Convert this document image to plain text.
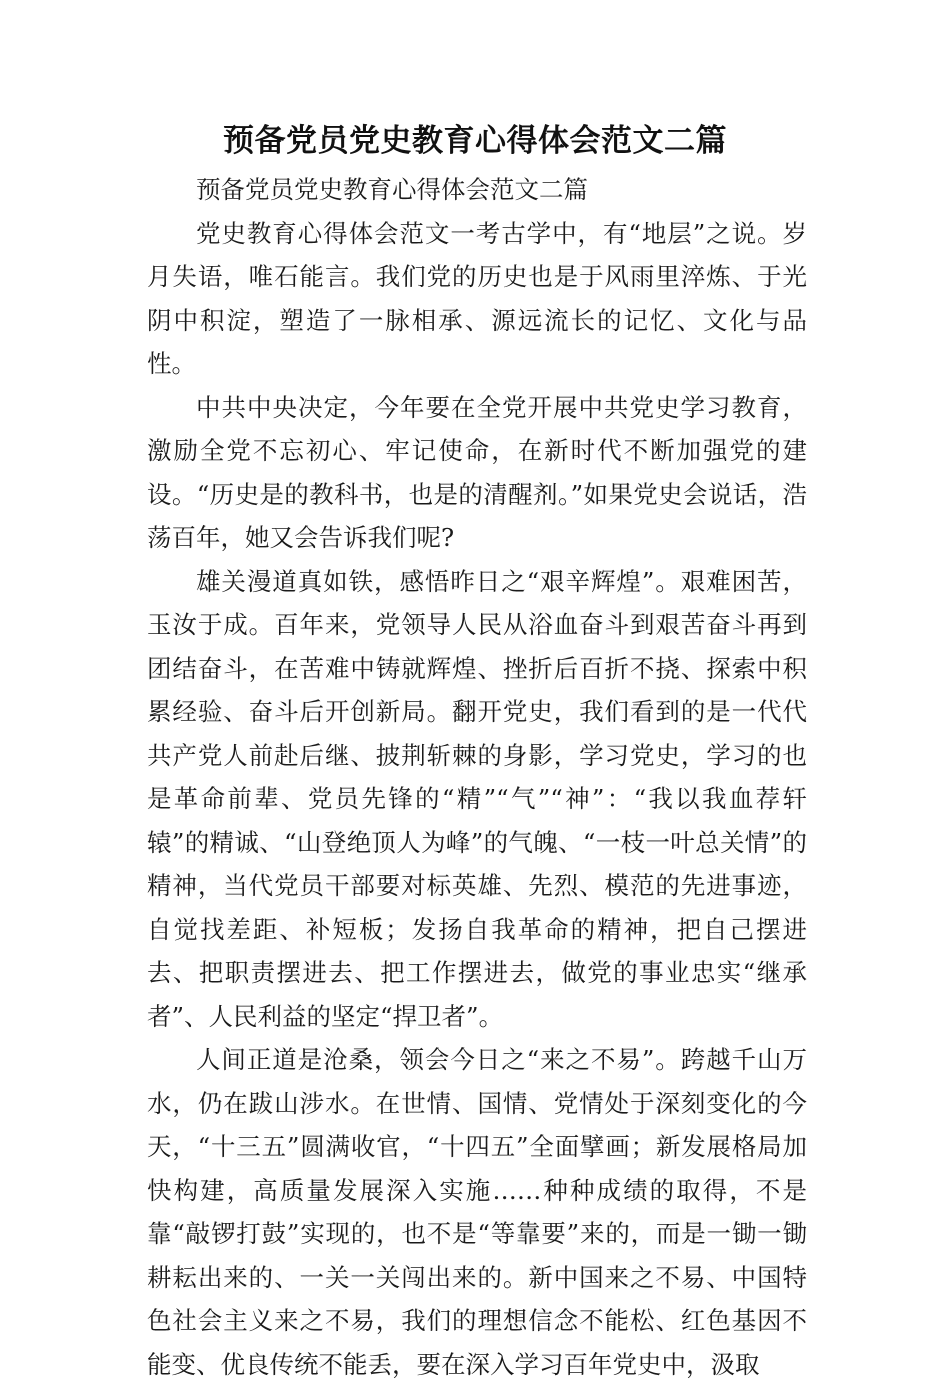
预备党员党史教育心得体会范文二篇

预备党员党史教育心得体会范文二篇

党史教育心得体会范文一考古学中，有“地层”之说。岁月失语，唯石能言。我们党的历史也是于风雨里淬炼、于光阴中积淀，塑造了一脉相承、源远流长的记忆、文化与品性。

中共中央决定，今年要在全党开展中共党史学习教育，激励全党不忘初心、牢记使命，在新时代不断加强党的建设。“历史是的教科书，也是的清醒剂。”如果党史会说话，浩荡百年，她又会告诉我们呢?

雄关漫道真如铁，感悟昨日之“艰辛辉煌”。艰难困苦，玉汝于成。百年来，党领导人民从浴血奋斗到艰苦奋斗再到团结奋斗，在苦难中铸就辉煌、挫折后百折不挠、探索中积累经验、奋斗后开创新局。翻开党史，我们看到的是一代代共产党人前赴后继、披荆斩棘的身影，学习党史，学习的也是革命前辈、党员先锋的“精”“气”“神”：“我以我血荐轩辕”的精诚、“山登绝顶人为峰”的气魄、“一枝一叶总关情”的精神，当代党员干部要对标英雄、先烈、模范的先进事迹，自觉找差距、补短板；发扬自我革命的精神，把自己摆进去、把职责摆进去、把工作摆进去，做党的事业忠实“继承者”、人民利益的坚定“捍卫者”。

人间正道是沧桑，领会今日之“来之不易”。跨越千山万水，仍在跋山涉水。在世情、国情、党情处于深刻变化的今天，“十三五”圆满收官，“十四五”全面擘画；新发展格局加快构建，高质量发展深入实施……种种成绩的取得，不是靠“敲锣打鼓”实现的，也不是“等靠要”来的，而是一锄一锄耕耘出来的、一关一关闯出来的。新中国来之不易、中国特色社会主义来之不易，我们的理想信念不能松、红色基因不能变、优良传统不能丢，要在深入学习百年党史中，汲取
